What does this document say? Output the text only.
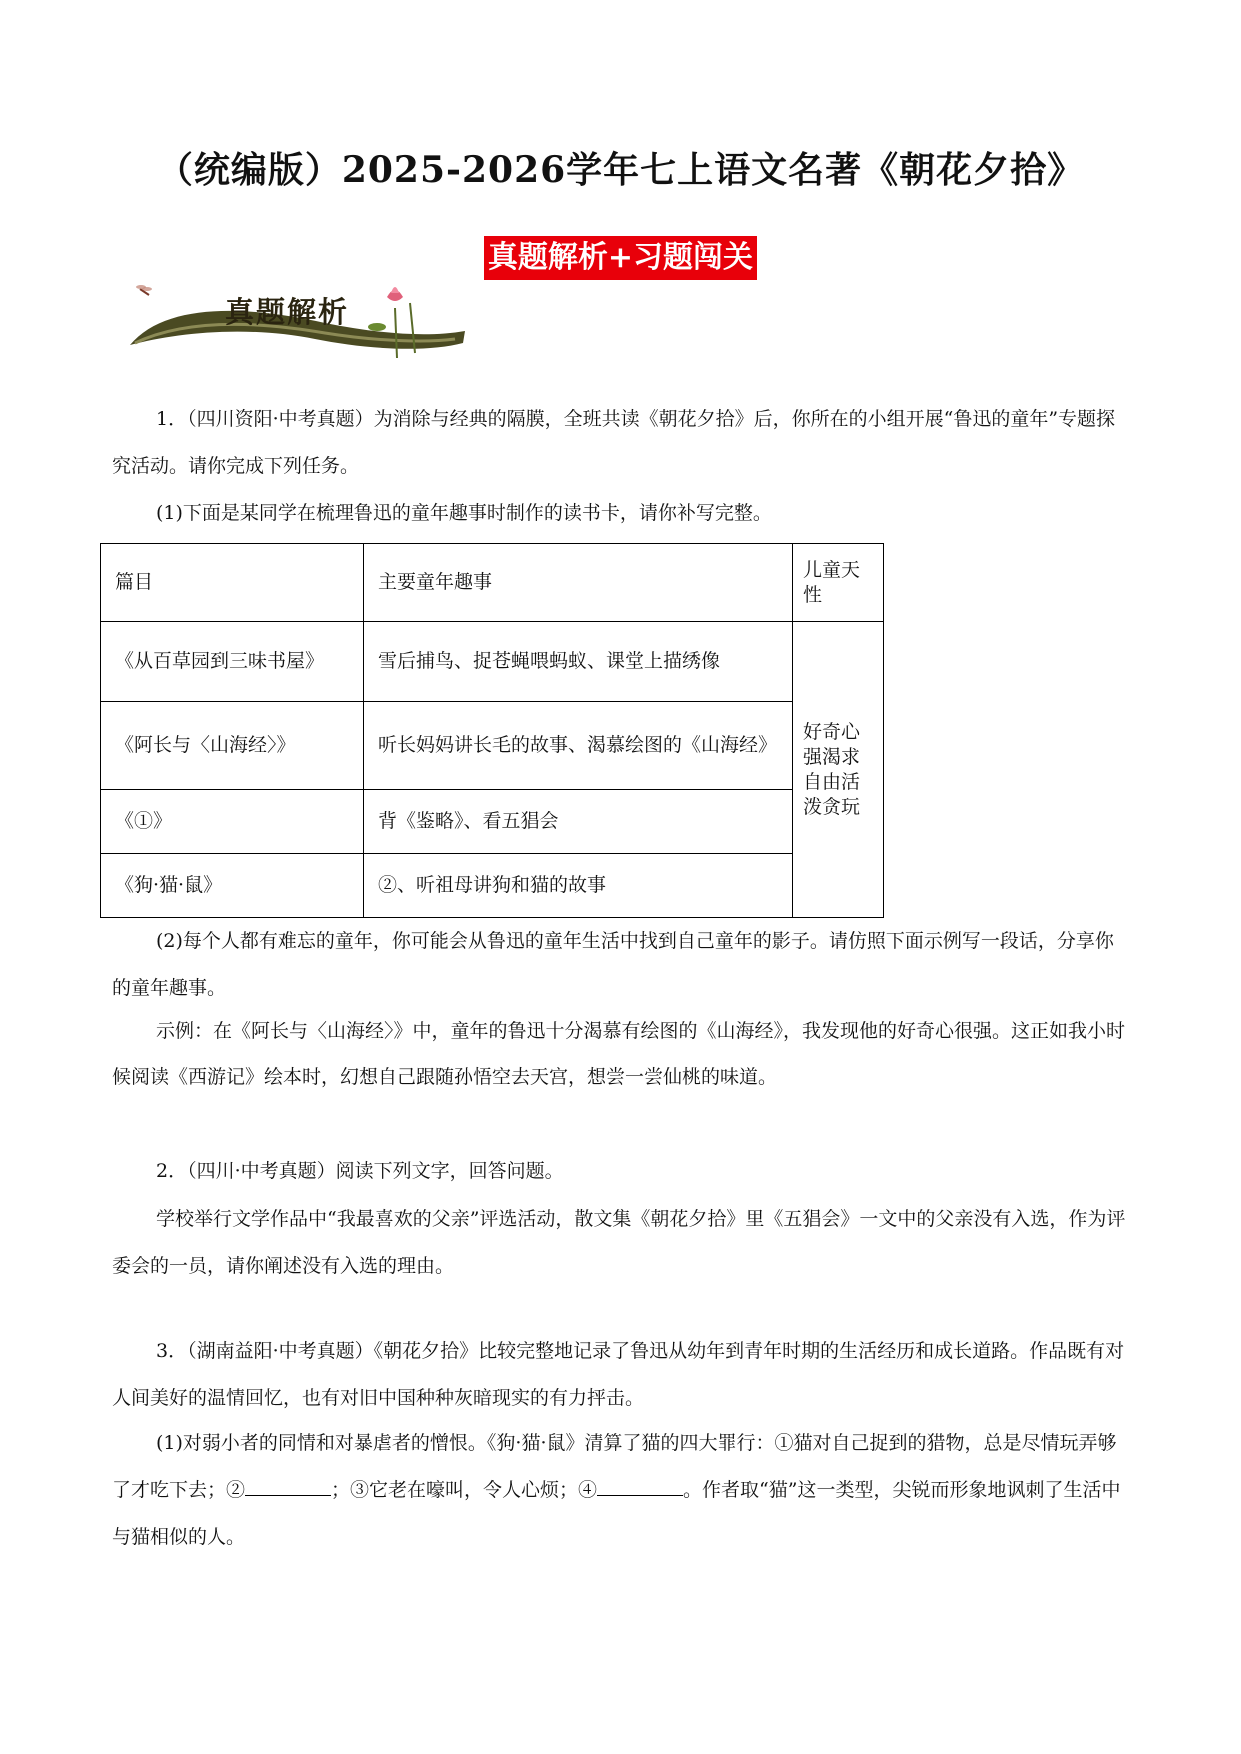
（统编版）2025-2026学年七上语文名著《朝花夕拾》
真题解析+习题闯关
真题解析

1．（四川资阳·中考真题）为消除与经典的隔膜，全班共读《朝花夕拾》后，你所在的小组开展“鲁迅的童年”专题探究活动。请你完成下列任务。

(1)下面是某同学在梳理鲁迅的童年趣事时制作的读书卡，请你补写完整。

篇目	主要童年趣事	儿童天性
《从百草园到三味书屋》	雪后捕鸟、捉苍蝇喂蚂蚁、课堂上描绣像	好奇心强渴求自由活泼贪玩
《阿长与〈山海经〉》	听长妈妈讲长毛的故事、渴慕绘图的《山海经》	
《①》	背《鉴略》、看五猖会	
《狗·猫·鼠》	②、听祖母讲狗和猫的故事	

(2)每个人都有难忘的童年，你可能会从鲁迅的童年生活中找到自己童年的影子。请仿照下面示例写一段话，分享你的童年趣事。

示例：在《阿长与〈山海经〉》中，童年的鲁迅十分渴慕有绘图的《山海经》，我发现他的好奇心很强。这正如我小时候阅读《西游记》绘本时，幻想自己跟随孙悟空去天宫，想尝一尝仙桃的味道。

2．（四川·中考真题）阅读下列文字，回答问题。

学校举行文学作品中“我最喜欢的父亲”评选活动，散文集《朝花夕拾》里《五猖会》一文中的父亲没有入选，作为评委会的一员，请你阐述没有入选的理由。

3．（湖南益阳·中考真题）《朝花夕拾》比较完整地记录了鲁迅从幼年到青年时期的生活经历和成长道路。作品既有对人间美好的温情回忆，也有对旧中国种种灰暗现实的有力抨击。

(1)对弱小者的同情和对暴虐者的憎恨。《狗·猫·鼠》清算了猫的四大罪行：①猫对自己捉到的猎物，总是尽情玩弄够了才吃下去；②	；③它老在嚎叫，令人心烦；④	。作者取“猫”这一类型，尖锐而形象地讽刺了生活中与猫相似的人。
